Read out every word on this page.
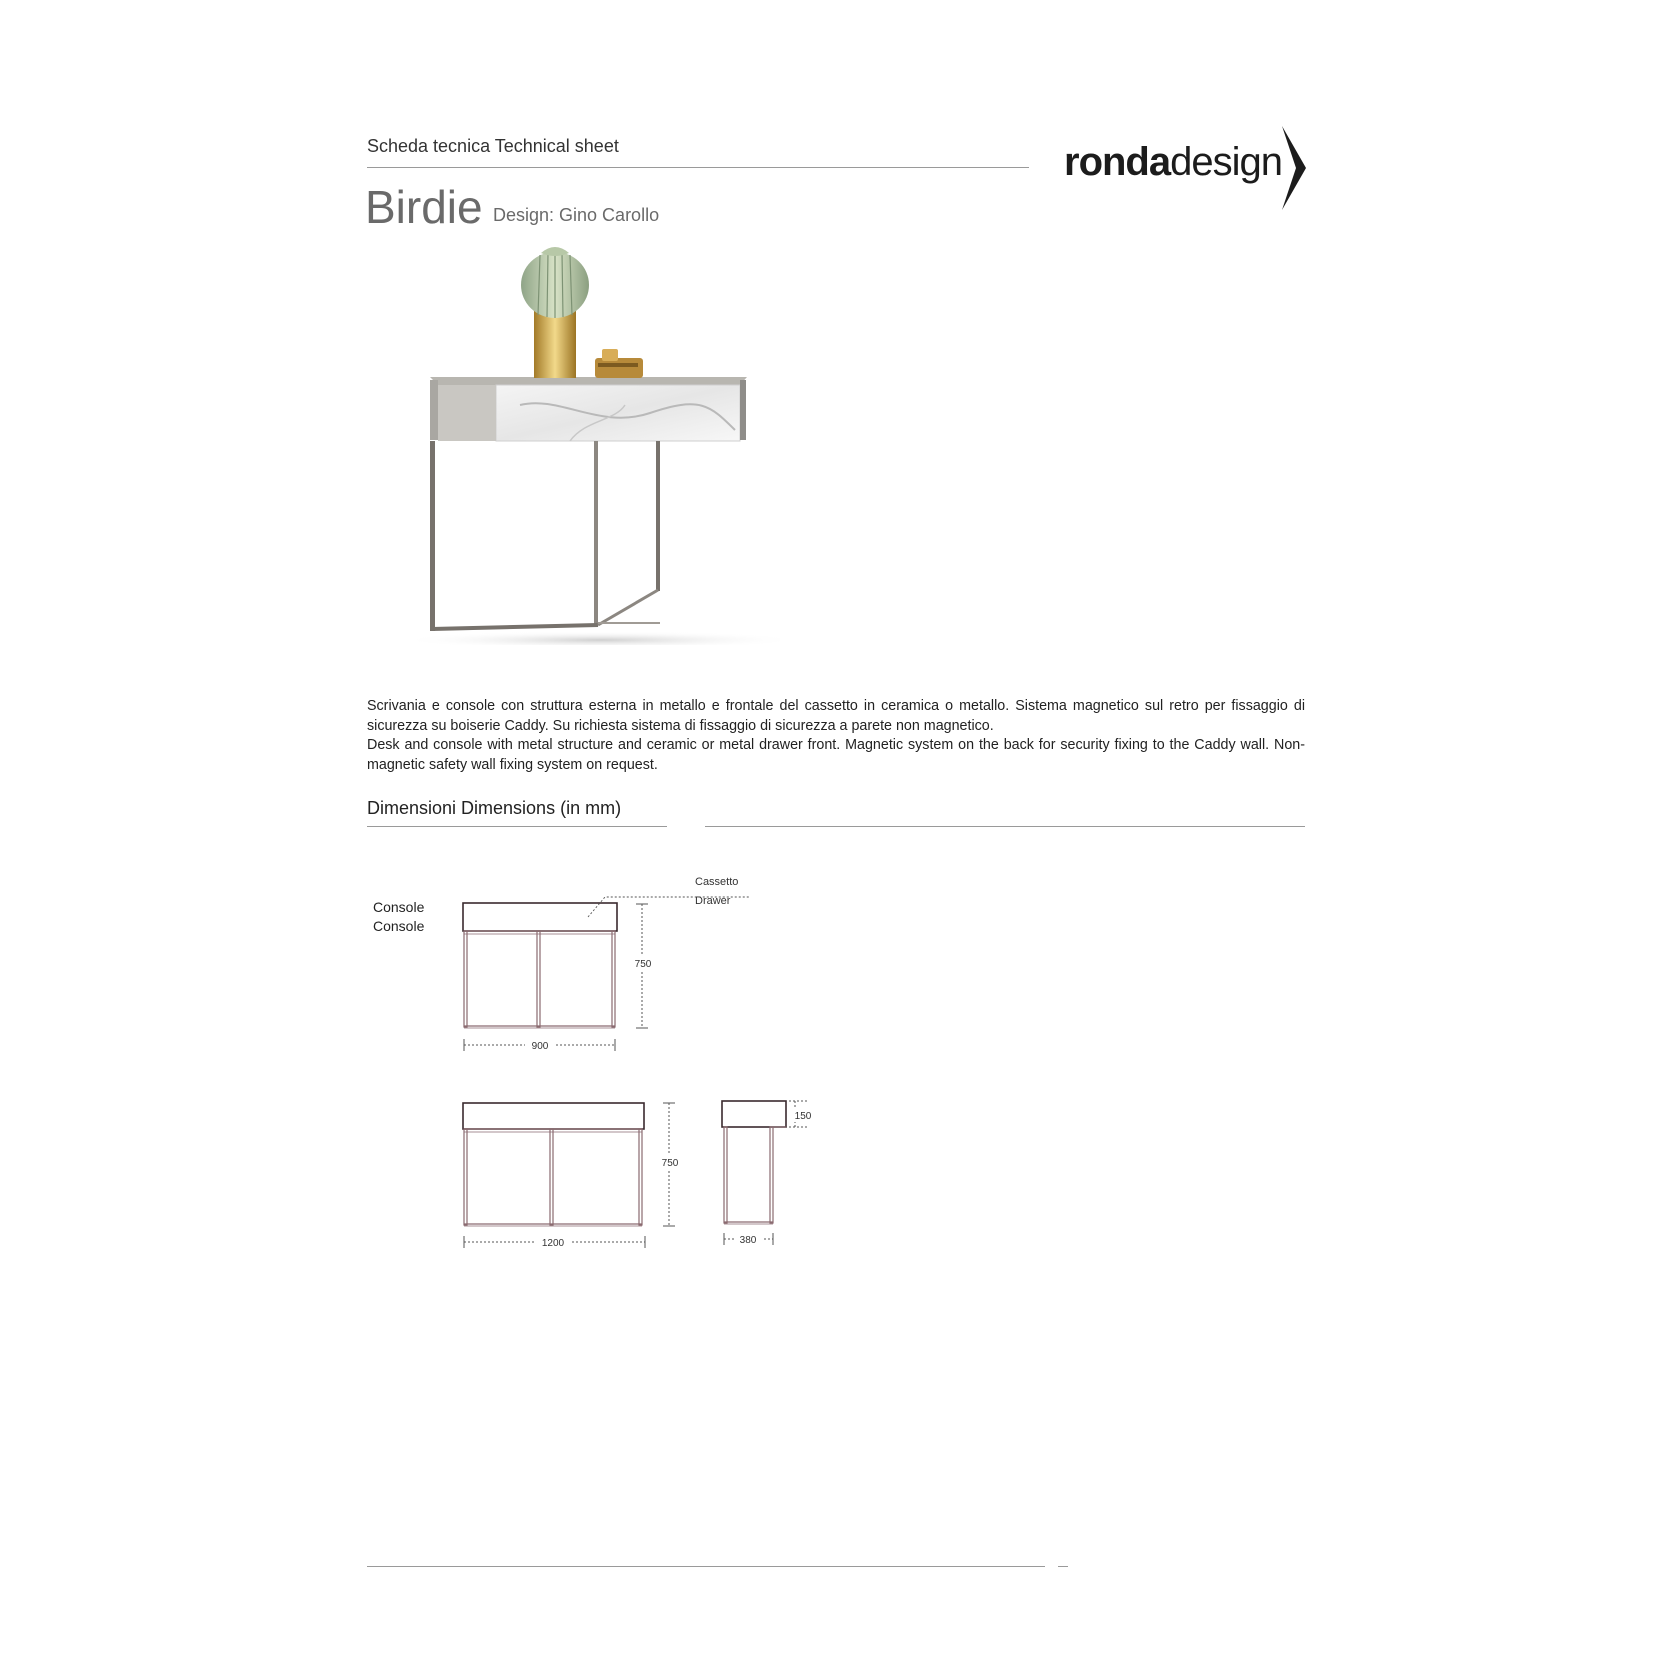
Scheda tecnica Technical sheet	rondadesign
Birdie Design: Gino Carollo

Scrivania e console con struttura esterna in metallo e frontale del cassetto in ceramica o metallo. Sistema magnetico sul retro per fissaggio di sicurezza su boiserie Caddy. Su richiesta sistema di fissaggio di sicurezza a parete non magnetico.

Desk and console with metal structure and ceramic or metal drawer front. Magnetic system on the back for security fixing to the Caddy wall. Non-magnetic safety wall fixing system on request.

Dimensioni Dimensions (in mm)
Console
Console
Cassetto
Drawer
750
900
750
1200
150
380
